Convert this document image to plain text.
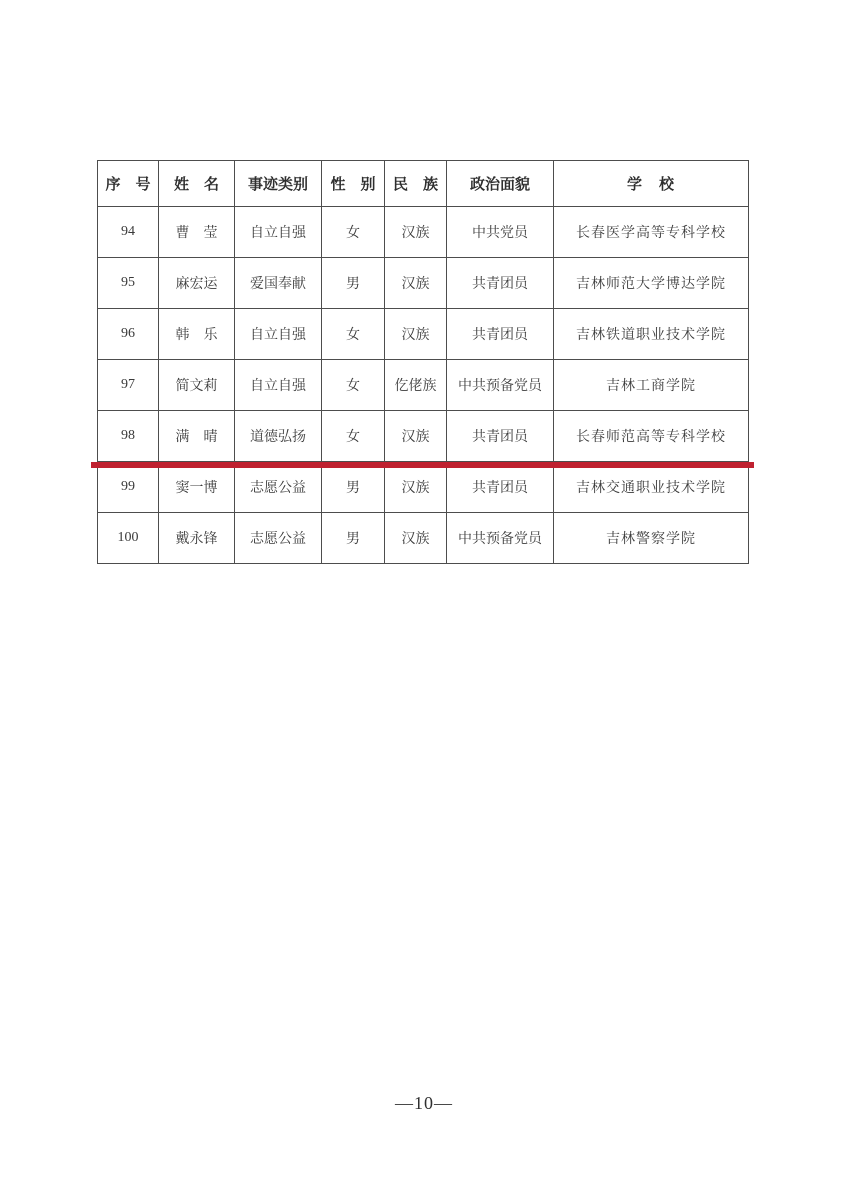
序　号	姓　名	事迹类别	性　别	民　族	政治面貌	学　校
94	曹　莹	自立自强	女	汉族	中共党员	长春医学高等专科学校
95	麻宏运	爱国奉献	男	汉族	共青团员	吉林师范大学博达学院
96	韩　乐	自立自强	女	汉族	共青团员	吉林铁道职业技术学院
97	简文莉	自立自强	女	仡佬族	中共预备党员	吉林工商学院
98	满　晴	道德弘扬	女	汉族	共青团员	长春师范高等专科学校
99	窦一博	志愿公益	男	汉族	共青团员	吉林交通职业技术学院
100	戴永锋	志愿公益	男	汉族	中共预备党员	吉林警察学院
—10—
